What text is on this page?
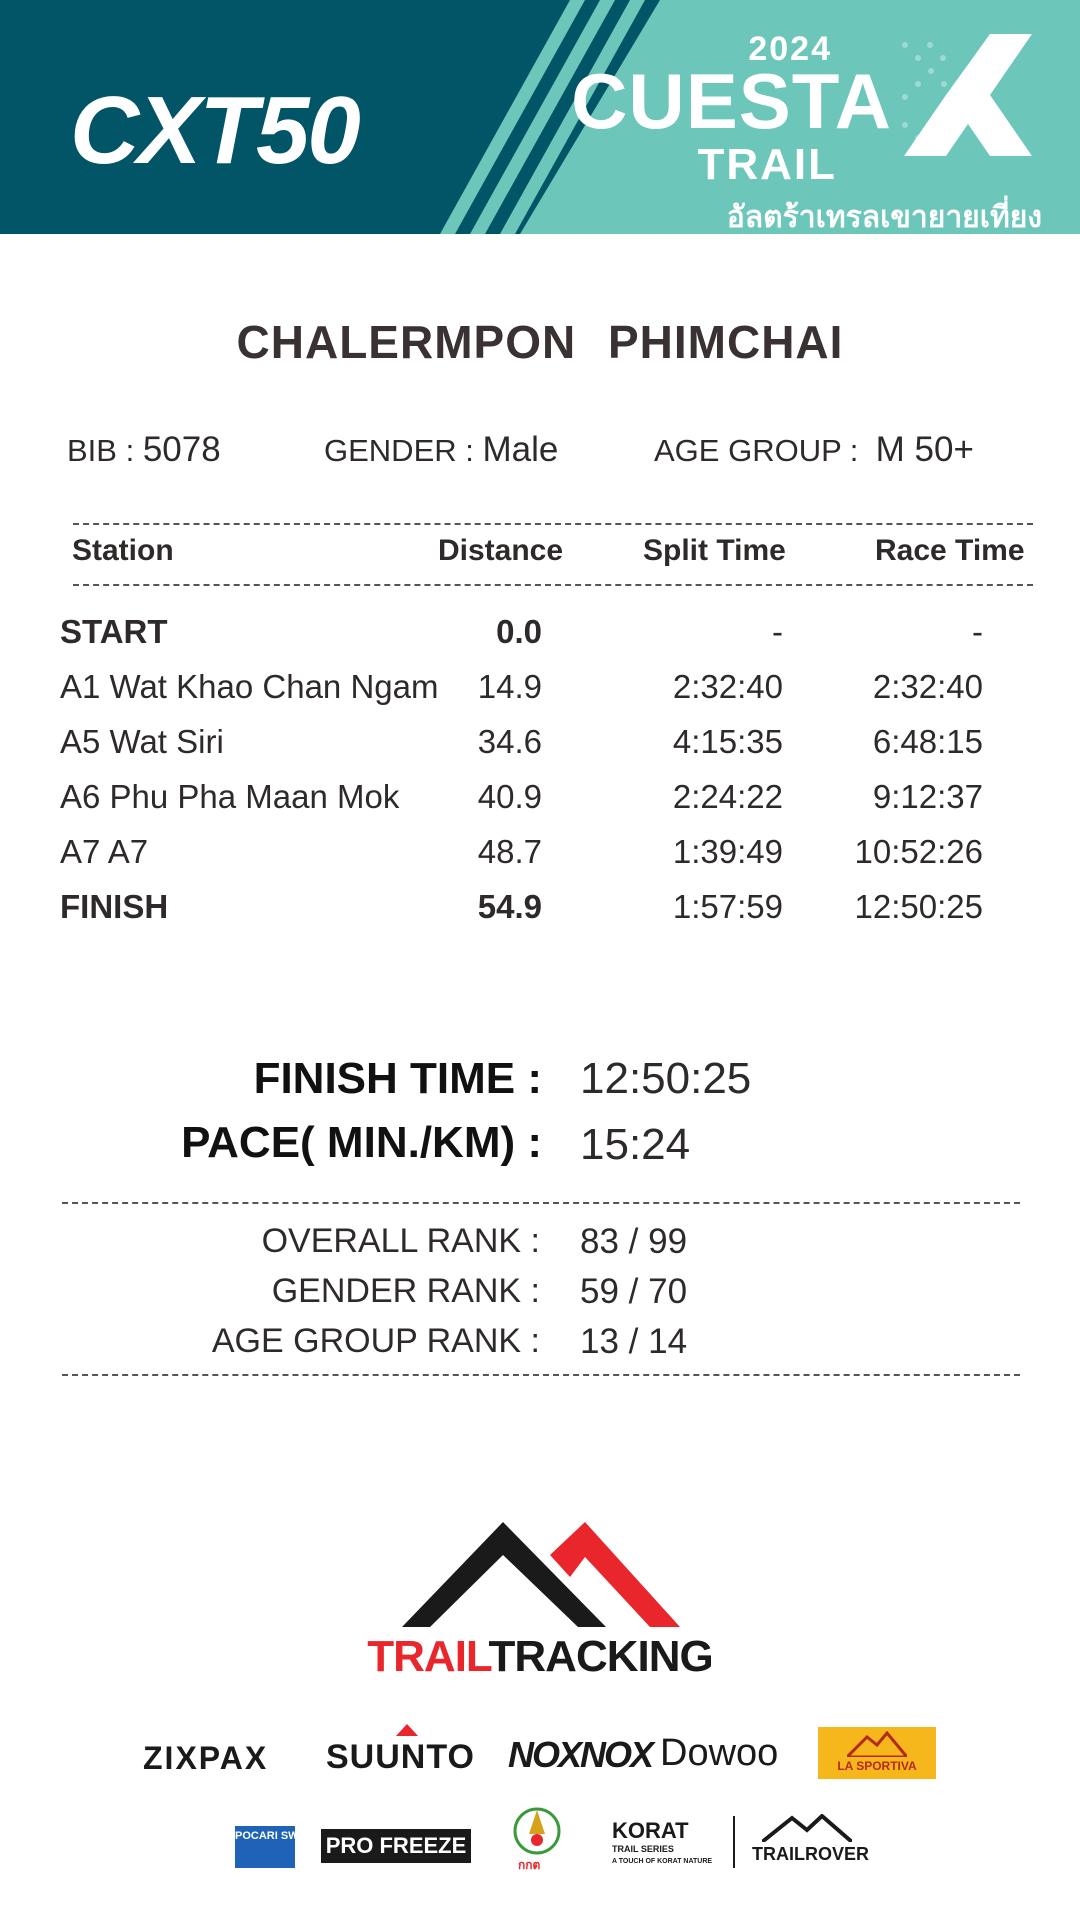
CXT50
2024
CUESTA
TRAIL
อัลตร้าเทรลเขายายเที่ยง
CHALERMPON PHIMCHAI
BIB : 5078	GENDER : Male	AGE GROUP : M 50+
Station	Distance	Split Time	Race Time
START	0.0	-	-
A1 Wat Khao Chan Ngam 14.9	2:32:40	2:32:40
A5 Wat Siri	34.6	4:15:35	6:48:15
A6 Phu Pha Maan Mok 40.9	2:24:22	9:12:37
A7 A7	48.7	1:39:49 10:52:26
FINISH	54.9	1:57:59 12:50:25
FINISH TIME : 12:50:25
PACE( MIN./KM) : 15:24
OVERALL RANK : 83 / 99
GENDER RANK : 59 / 70
AGE GROUP RANK : 13 / 14
TRAILTRACKING
ZIXPAX SUUNTO NOXNOX Dowoo	LA SPORTIVA
POCARI SWEAT PRO FREEZE
กกต
KORAT
TRAIL SERIES
A TOUCH OF KORAT NATURE TRAILROVER
